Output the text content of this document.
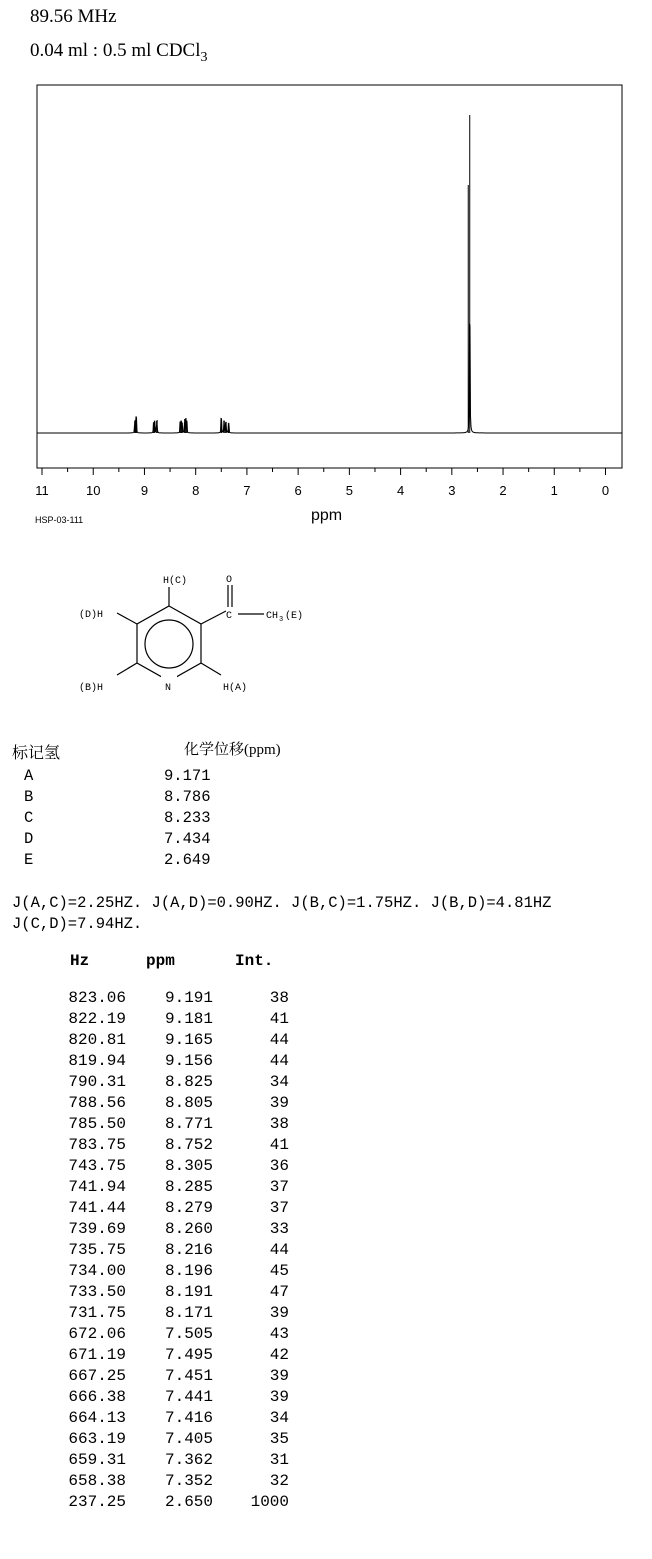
89.56 MHz
0.04 ml : 0.5 ml CDCl$_3$
11	10	9	8	7	6	5	4	3	2	1	0
ppm
HSP-03-111
H(C)	O
(D)H	C	CH 3 (E)
(B)H	N	H(A)
标记氢	化学位移(ppm)
A	9.171
B	8.786
C	8.233
D	7.434
E	2.649
J(A,C)=2.25HZ. J(A,D)=0.90HZ. J(B,C)=1.75HZ. J(B,D)=4.81HZ
J(C,D)=7.94HZ.
Hz	ppm	Int.
823.06	9.191	38
822.19	9.181	41
820.81	9.165	44
819.94	9.156	44
790.31	8.825	34
788.56	8.805	39
785.50	8.771	38
783.75	8.752	41
743.75	8.305	36
741.94	8.285	37
741.44	8.279	37
739.69	8.260	33
735.75	8.216	44
734.00	8.196	45
733.50	8.191	47
731.75	8.171	39
672.06	7.505	43
671.19	7.495	42
667.25	7.451	39
666.38	7.441	39
664.13	7.416	34
663.19	7.405	35
659.31	7.362	31
658.38	7.352	32
237.25	2.650	1000
